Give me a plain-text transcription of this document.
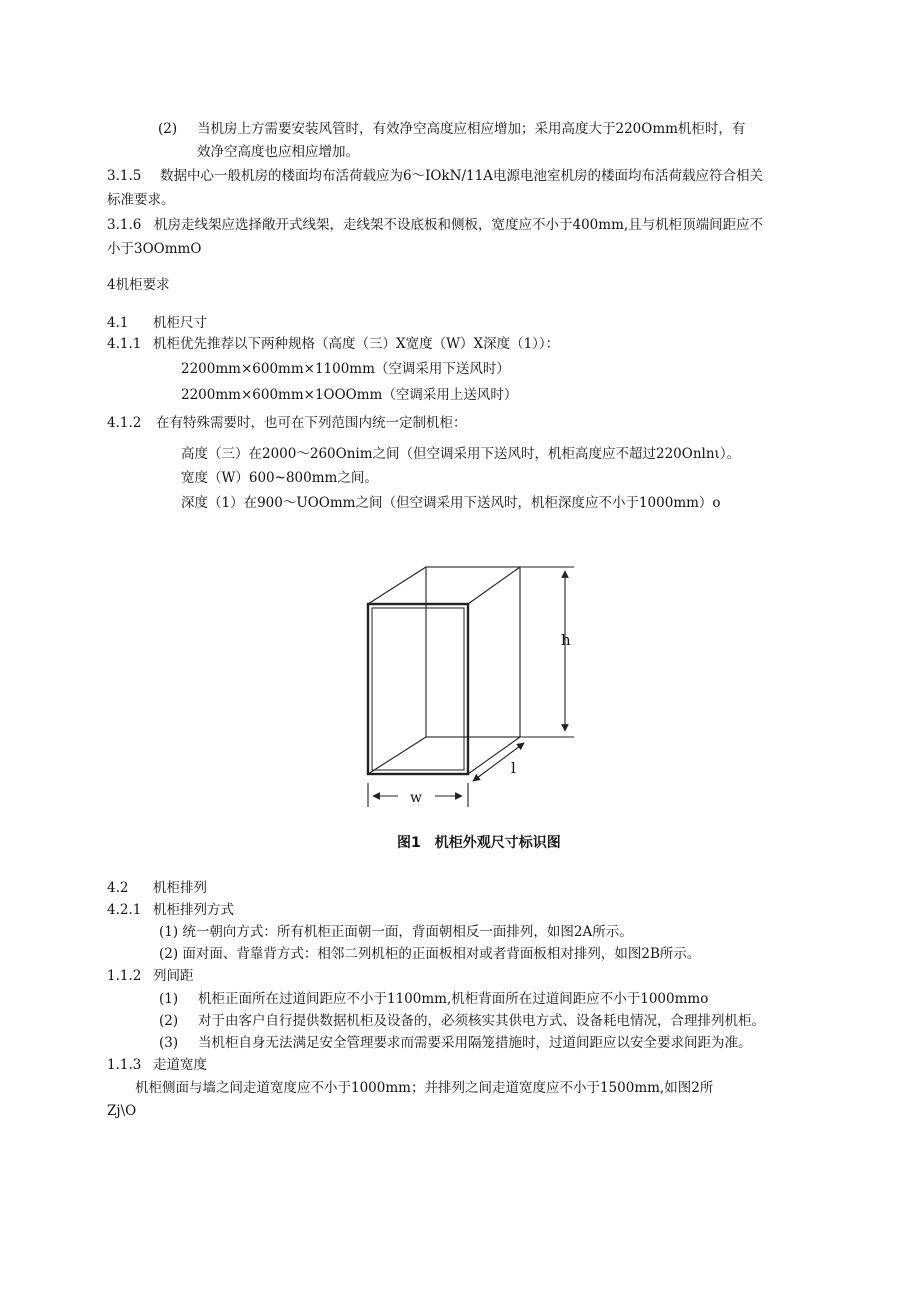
(2) 当机房上方需要安装风管时，有效净空高度应相应增加；采用高度大于220Omm机柜时，有
效净空高度也应相应增加。
3.1.5 数据中心一般机房的楼面均布活荷载应为6～IOkN/11A电源电池室机房的楼面均布活荷载应符合相关
标准要求。
3.1.6 机房走线架应选择敞开式线架，走线架不设底板和侧板，宽度应不小于400mm,且与机柜顶端间距应不
小于3OOmmO
4机柜要求
4.1 机柜尺寸
4.1.1 机柜优先推荐以下两种规格（高度（三）X宽度（W）X深度（1））：
2200mm×600mm×1100mm（空调采用下送风时）
2200mm×600mm×1OOOmm（空调采用上送风时）
4.1.2 在有特殊需要时，也可在下列范围内统一定制机柜：
高度（三）在2000～260Onim之间（但空调采用下送风时，机柜高度应不超过220Onlnι）。
宽度（W）600~800mm之间。
深度（1）在900～UOOmm之间（但空调采用下送风时，机柜深度应不小于1000mm）o
h
l
w
图1　机柜外观尺寸标识图
4.2 机柜排列
4.2.1 机柜排列方式
(1) 统一朝向方式：所有机柜正面朝一面，背面朝相反一面排列，如图2A所示。
(2) 面对面、背靠背方式：相邻二列机柜的正面板相对或者背面板相对排列，如图2B所示。
1.1.2 列间距
(1) 机柜正面所在过道间距应不小于1100mm,机柜背面所在过道间距应不小于1000mmo
(2) 对于由客户自行提供数据机柜及设备的，必须核实其供电方式、设备耗电情况，合理排列机柜。
(3) 当机柜自身无法满足安全管理要求而需要采用隔笼措施时，过道间距应以安全要求间距为准。
1.1.3 走道宽度
机柜侧面与墙之间走道宽度应不小于1000mm；并排列之间走道宽度应不小于1500mm,如图2所
Zj\O
